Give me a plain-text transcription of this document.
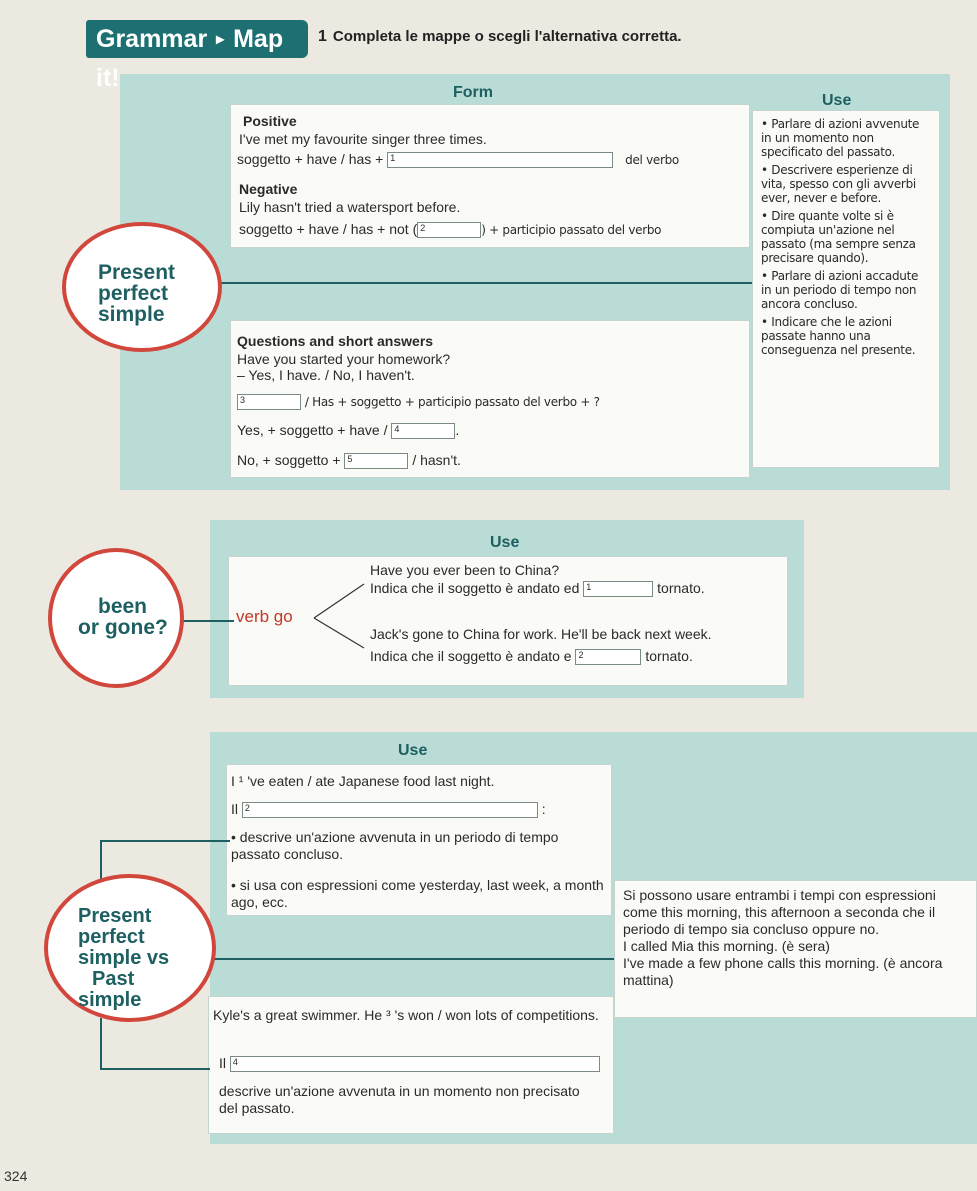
Grammar ▸ Map it!
1 Completa le mappe o scegli l'alternativa corretta.
Form	Use
Positive
I've met my favourite singer three times.
soggetto + have / has + 1	del verbo
Negative
Lily hasn't tried a watersport before.
soggetto + have / has + not ( 2	) + participio passato del verbo
Questions and short answers
Have you started your homework?
– Yes, I have. / No, I haven't.
3	/ Has + soggetto + participio passato del verbo + ?
Yes, + soggetto + have / 4	.
No, + soggetto + 5	/ hasn't.
• Parlare di azioni avvenute in un momento non specificato del passato.
• Descrivere esperienze di vita, spesso con gli avverbi ever, never e before.
• Dire quante volte si è compiuta un'azione nel passato (ma sempre senza precisare quando).
• Parlare di azioni accadute in un periodo di tempo non ancora concluso.
• Indicare che le azioni passate hanno una conseguenza nel presente.
Present
perfect
simple
Use
verb go
Have you ever been to China?
Indica che il soggetto è andato ed 1	tornato.
Jack's gone to China for work. He'll be back next week.
Indica che il soggetto è andato e 2	tornato.
been
or gone?
Use
I ¹ 've eaten / ate Japanese food last night.
Il 2	:
• descrive un'azione avvenuta in un periodo di tempo passato concluso.
• si usa con espressioni come yesterday, last week, a month ago, ecc.
Kyle's a great swimmer. He ³ 's won / won lots of competitions.
Il 4
descrive un'azione avvenuta in un momento non precisato del passato.
Si possono usare entrambi i tempi con espressioni come this morning, this afternoon a seconda che il periodo di tempo sia concluso oppure no.
I called Mia this morning. (è sera)
I've made a few phone calls this morning. (è ancora mattina)
Present
perfect
simple vs
Past
simple
324
